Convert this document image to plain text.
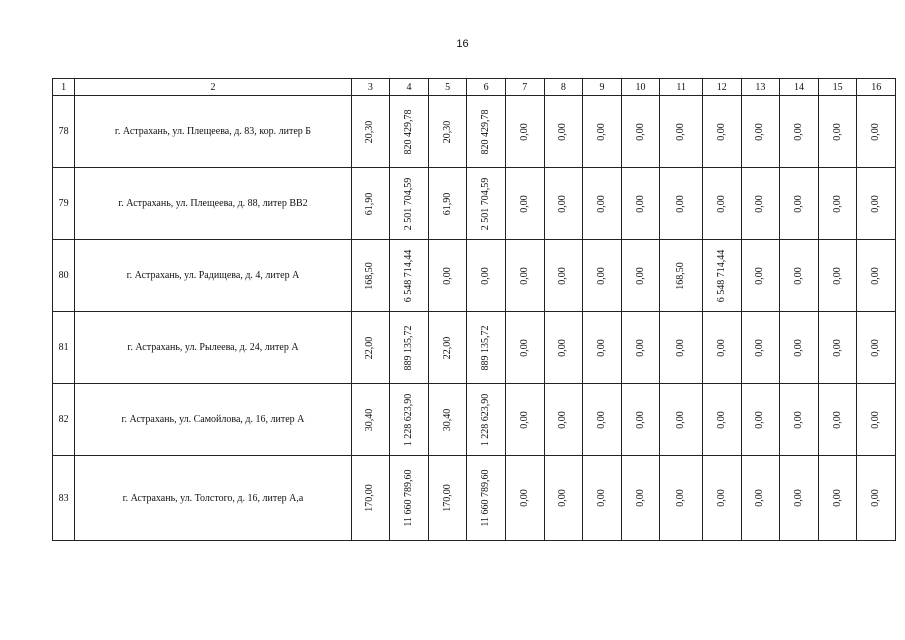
16
1	2	3	4	5	6	7	8	9	10	11	12	13	14	15	16
78	г. Астрахань, ул. Плещеева, д. 83, кор. литер Б	20,30	820 429,78	20,30	820 429,78	0,00	0,00	0,00	0,00	0,00	0,00	0,00	0,00	0,00	0,00

79	г. Астрахань, ул. Плещеева, д. 88, литер ВВ2	61,90	2 501 704,59	61,90	2 501 704,59	0,00	0,00	0,00	0,00	0,00	0,00	0,00	0,00	0,00	0,00

80	г. Астрахань, ул. Радищева, д. 4, литер А	168,50	6 548 714,44	0,00	0,00	0,00	0,00	0,00	0,00	168,50	6 548 714,44	0,00	0,00	0,00	0,00

81	г. Астрахань, ул. Рылеева, д. 24, литер А	22,00	889 135,72	22,00	889 135,72	0,00	0,00	0,00	0,00	0,00	0,00	0,00	0,00	0,00	0,00

82	г. Астрахань, ул. Самойлова, д. 16, литер А	30,40	1 228 623,90	30,40	1 228 623,90	0,00	0,00	0,00	0,00	0,00	0,00	0,00	0,00	0,00	0,00

83	г. Астрахань, ул. Толстого, д. 16, литер А,а	170,00	11 660 789,60	170,00	11 660 789,60	0,00	0,00	0,00	0,00	0,00	0,00	0,00	0,00	0,00	0,00
